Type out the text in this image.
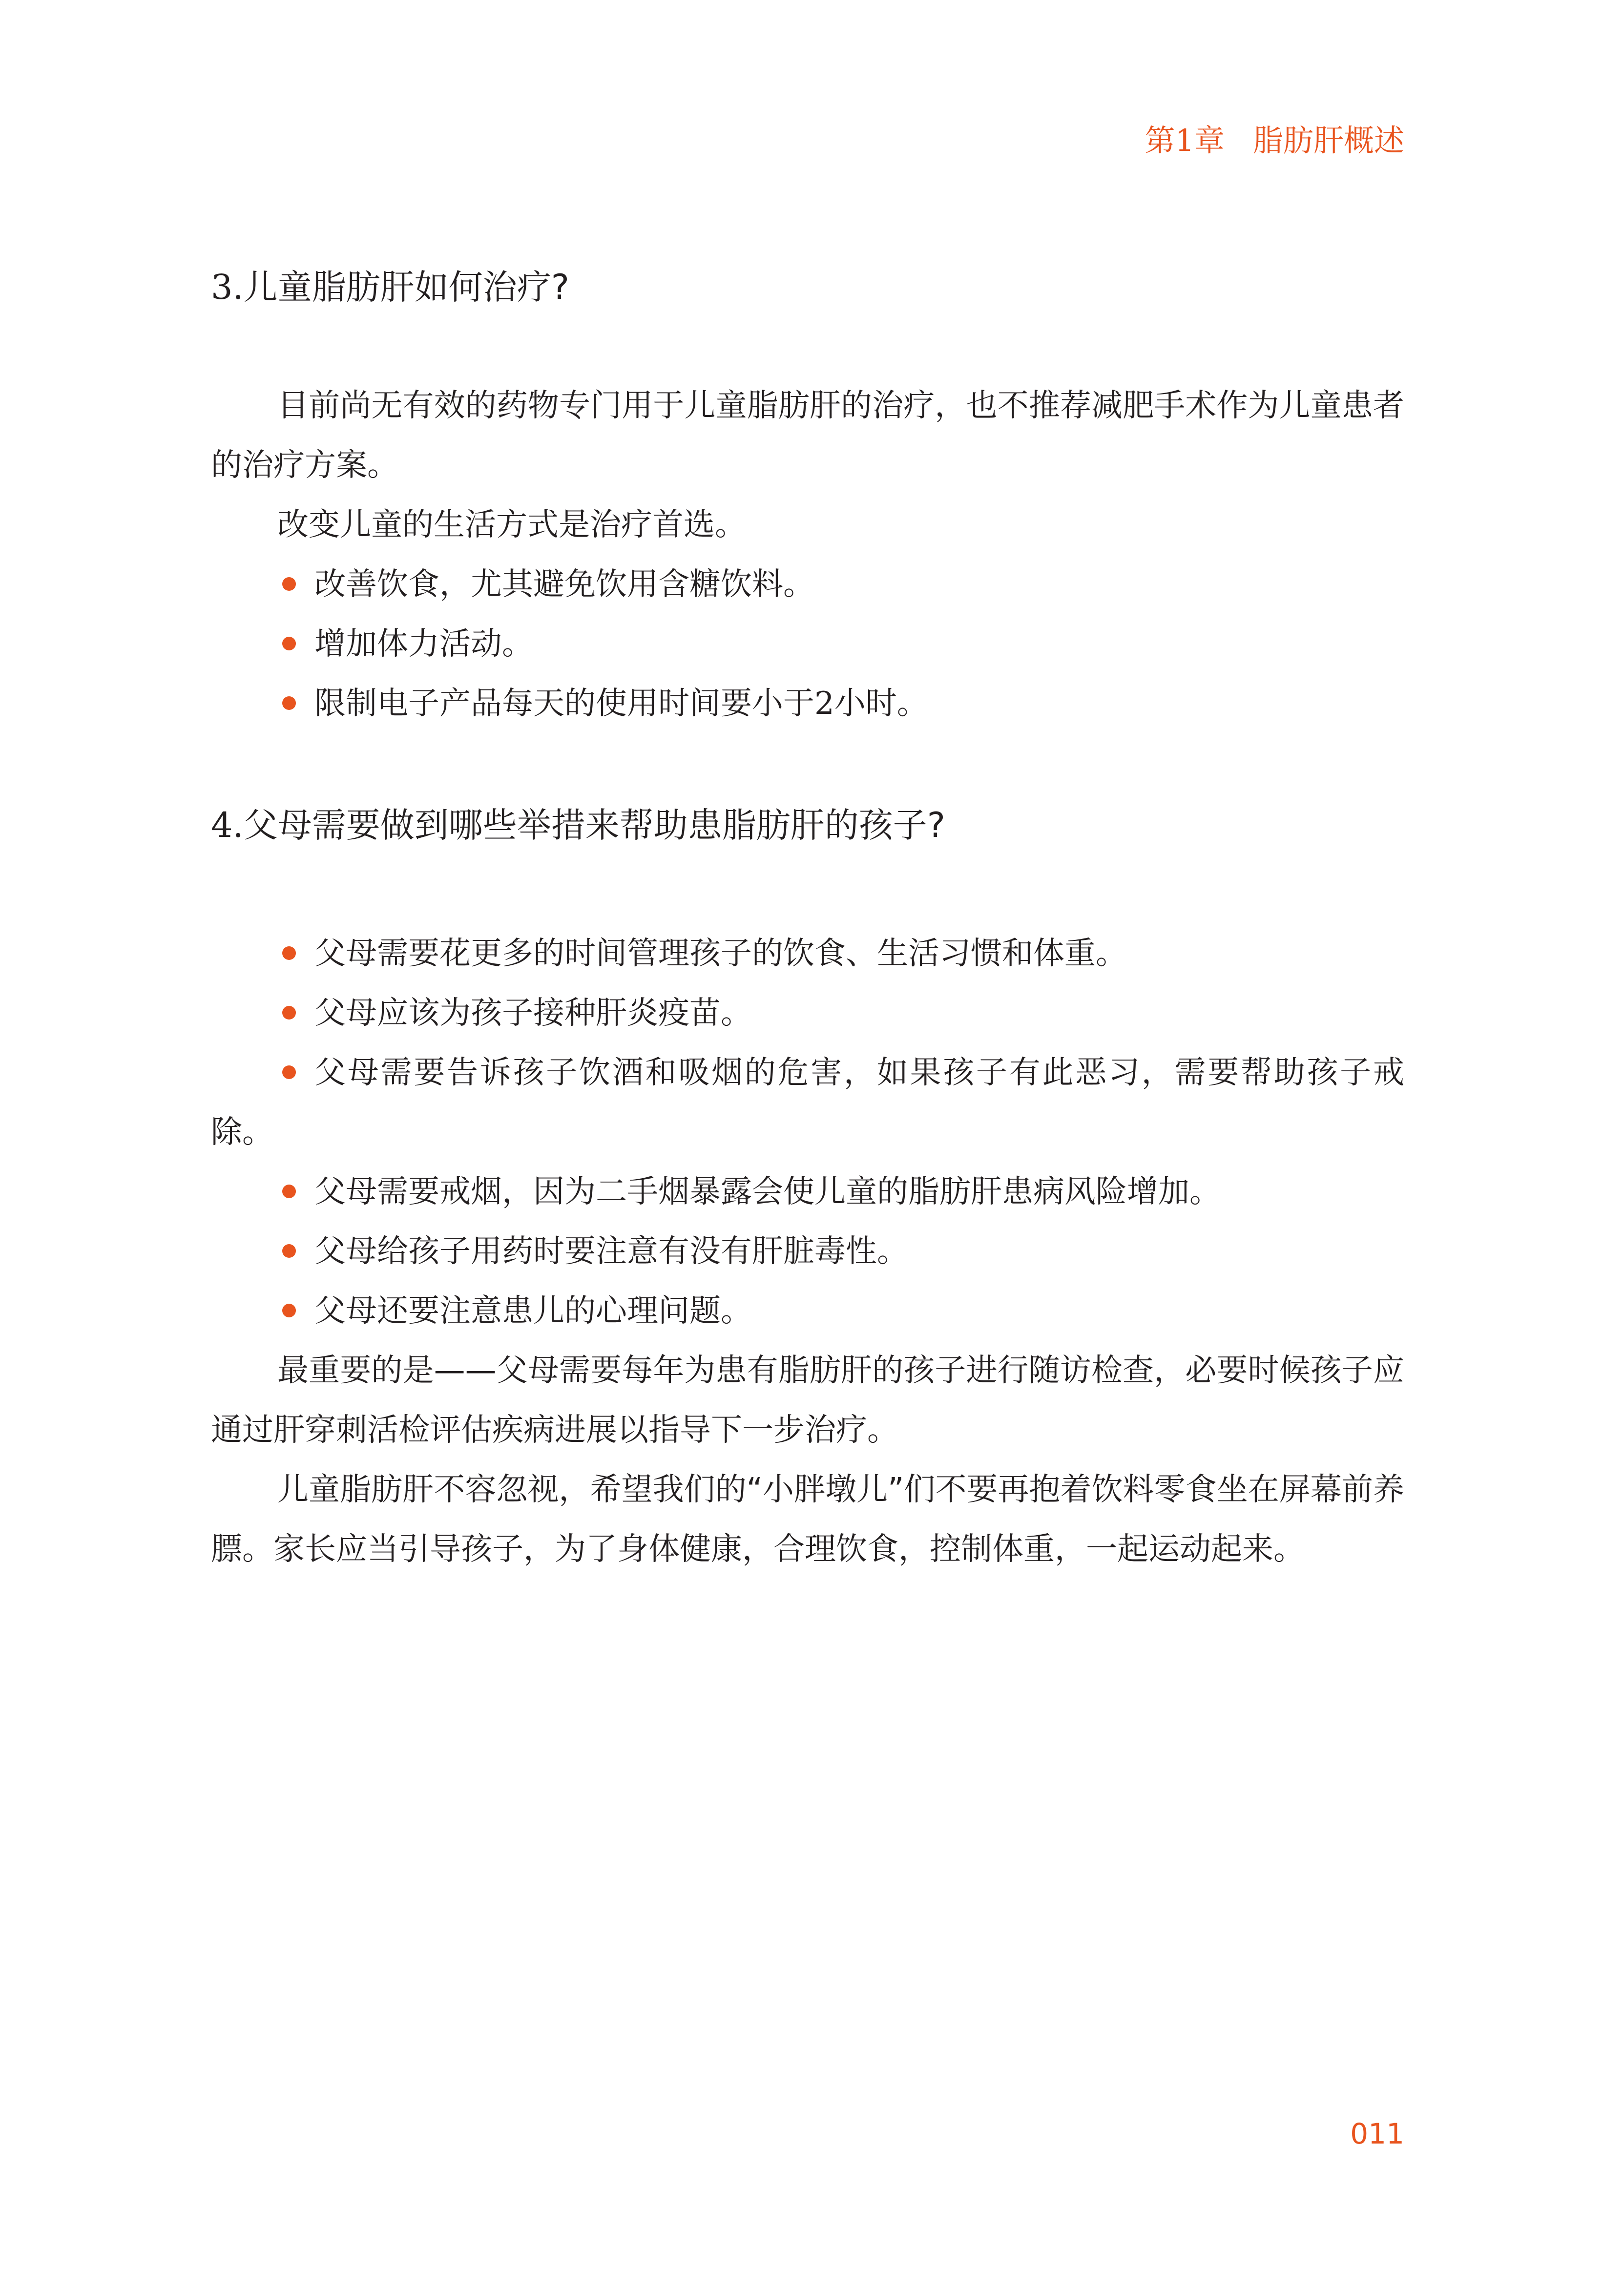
第1章 脂肪肝概述
3.儿童脂肪肝如何治疗?

目前尚无有效的药物专门用于儿童脂肪肝的治疗，也不推荐减肥手术作为儿童患者的治疗方案。

改变儿童的生活方式是治疗首选。

改善饮食，尤其避免饮用含糖饮料。
增加体力活动。
限制电子产品每天的使用时间要小于2小时。
4.父母需要做到哪些举措来帮助患脂肪肝的孩子?
父母需要花更多的时间管理孩子的饮食、生活习惯和体重。
父母应该为孩子接种肝炎疫苗。

父母需要告诉孩子饮酒和吸烟的危害，如果孩子有此恶习，需要帮助孩子戒除。

父母需要戒烟，因为二手烟暴露会使儿童的脂肪肝患病风险增加。
父母给孩子用药时要注意有没有肝脏毒性。
父母还要注意患儿的心理问题。

最重要的是——父母需要每年为患有脂肪肝的孩子进行随访检查，必要时候孩子应通过肝穿刺活检评估疾病进展以指导下一步治疗。

儿童脂肪肝不容忽视，希望我们的“小胖墩儿”们不要再抱着饮料零食坐在屏幕前养膘。家长应当引导孩子，为了身体健康，合理饮食，控制体重，一起运动起来。

011
